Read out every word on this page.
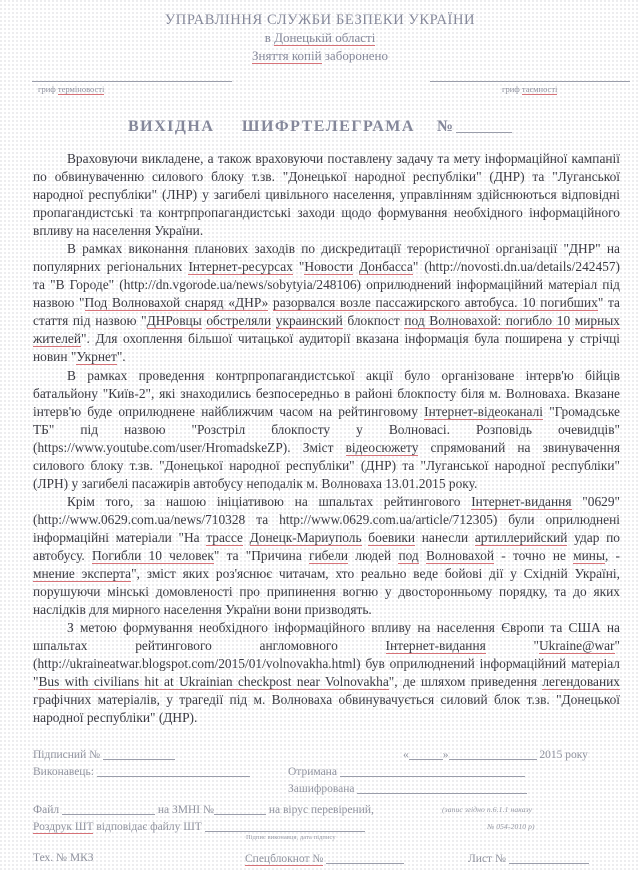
УПРАВЛІННЯ СЛУЖБИ БЕЗПЕКИ УКРАЇНИ
в Донецькій області
Зняття копій заборонено
гриф терміновості	гриф таємності
ВИХІДНА ШИФРТЕЛЕГРАМА №

Враховуючи викладене, а також враховуючи поставлену задачу та мету інформаційної кампанії по обвинуваченню силового блоку т.зв. "Донецької народної республіки" (ДНР) та "Луганської народної республіки" (ЛНР) у загибелі цивільного населення, управлінням здійснюються відповідні пропагандистські та контрпропагандистські заходи щодо формування необхідного інформаційного впливу на населення України.

В рамках виконання планових заходів по дискредитації терористичної організації "ДНР" на популярних регіональних Інтернет-ресурсах "Новости Донбасса" (http://novosti.dn.ua/details/242457) та "В Городе" (http://dn.vgorode.ua/news/sobytyia/248106) оприлюднений інформаційний матеріал під назвою "Под Волновахой снаряд «ДНР» разорвался возле пассажирского автобуса. 10 погибших" та стаття під назвою "ДНРовцы обстреляли украинский блокпост под Волновахой: погибло 10 мирных жителей". Для охоплення більшої читацької аудиторії вказана інформація була поширена у стрічці новин "Укрнет".

В рамках проведення контрпропагандистської акції було організоване інтерв'ю бійців батальйону "Київ-2", які знаходились безпосередньо в районі блокпосту біля м. Волноваха. Вказане інтерв'ю буде оприлюднене найближчим часом на рейтинговому Інтернет-відеоканалі "Громадське ТБ" під назвою "Розстріл блокпосту у Волновасі. Розповідь очевидців" (https://www.youtube.com/user/HromadskeZP). Зміст відеосюжету спрямований на звинувачення силового блоку т.зв. "Донецької народної республіки" (ДНР) та "Луганської народної республіки" (ЛРН) у загибелі пасажирів автобусу неподалік м. Волноваха 13.01.2015 року.

Крім того, за нашою ініціативою на шпальтах рейтингового Інтернет-видання "0629" (http://www.0629.com.ua/news/710328 та http://www.0629.com.ua/article/712305) були оприлюднені інформаційні матеріали "На трассе Донецк-Мариуполь боевики нанесли артиллерийский удар по автобусу. Погибли 10 человек" та "Причина гибели людей под Волновахой - точно не мины, - мнение эксперта", зміст яких роз'яснює читачам, хто реально веде бойові дії у Східній Україні, порушуючи мінські домовленості про припинення вогню у двосторонньому порядку, та до яких наслідків для мирного населення України вони призводять.

З метою формування необхідного інформаційного впливу на населення Європи та США на шпальтах рейтингового англомовного Інтернет-видання "Ukraine@war" (http://ukraineatwar.blogspot.com/2015/01/volnovakha.html) був оприлюднений інформаційний матеріал "Bus with civilians hit at Ukrainian checkpost near Volnovakha", де шляхом приведення легендованих графічних матеріалів, у трагедії під м. Волноваха обвинувачується силовий блок т.зв. "Донецької народної республіки" (ДНР).

Підписний №	«	»	2015 року
Виконавець:	Отримана
Зашифрована
Файл	на ЗМНІ №	на вірус перевірений,	(запис згідно п.6.1.1 наказу
Роздрук ШТ відповідає файлу ШТ	№ 054-2010 р)
Підпис виконавця, дата підпису
Тех. № МКЗ	Спецблокнот №	Лист №
